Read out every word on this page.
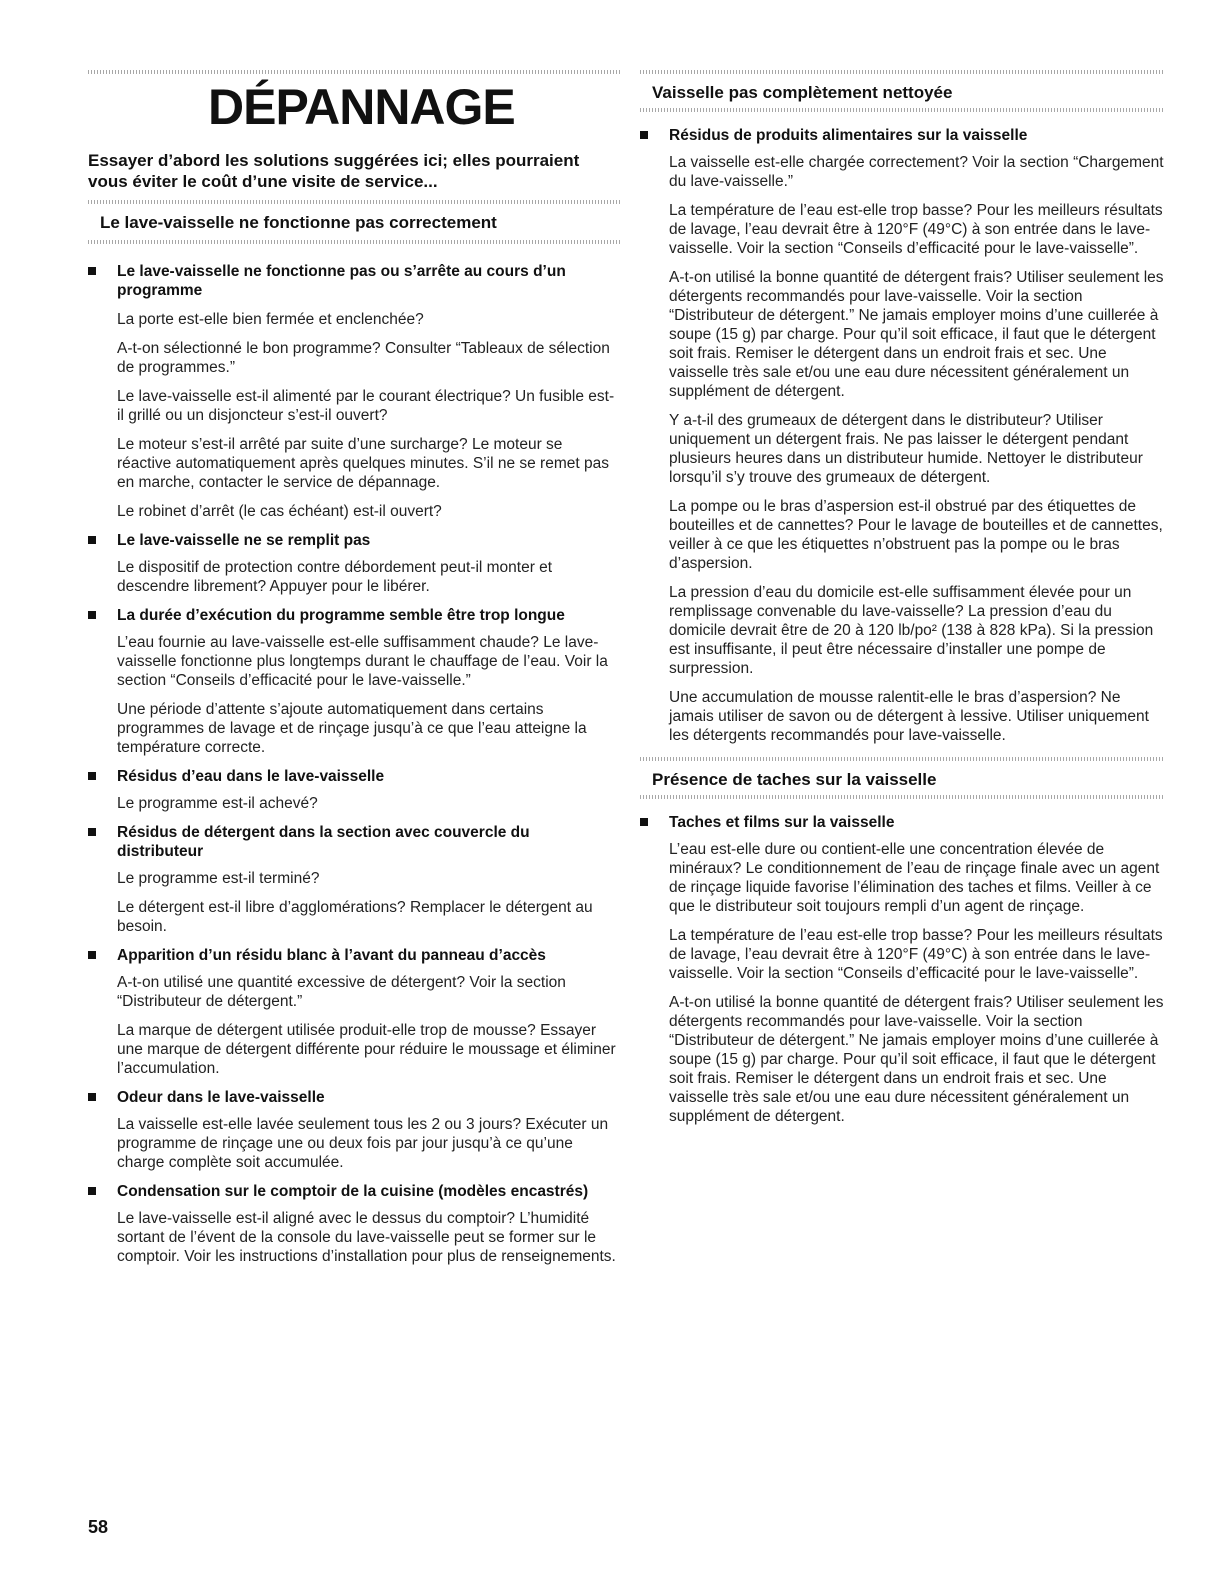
DÉPANNAGE
Essayer d’abord les solutions suggérées ici; elles pourraient vous éviter le coût d’une visite de service...
Le lave-vaisselle ne fonctionne pas correctement
Le lave-vaisselle ne fonctionne pas ou s’arrête au cours d’un programme
La porte est-elle bien fermée et enclenchée?
A-t-on sélectionné le bon programme? Consulter “Tableaux de sélection de programmes.”
Le lave-vaisselle est-il alimenté par le courant électrique? Un fusible est-il grillé ou un disjoncteur s’est-il ouvert?
Le moteur s’est-il arrêté par suite d’une surcharge? Le moteur se réactive automatiquement après quelques minutes. S’il ne se remet pas en marche, contacter le service de dépannage.
Le robinet d’arrêt (le cas échéant) est-il ouvert?
Le lave-vaisselle ne se remplit pas
Le dispositif de protection contre débordement peut-il monter et descendre librement? Appuyer pour le libérer.
La durée d’exécution du programme semble être trop longue
L’eau fournie au lave-vaisselle est-elle suffisamment chaude? Le lave-vaisselle fonctionne plus longtemps durant le chauffage de l’eau. Voir la section “Conseils d’efficacité pour le lave-vaisselle.”
Une période d’attente s’ajoute automatiquement dans certains programmes de lavage et de rinçage jusqu’à ce que l’eau atteigne la température correcte.
Résidus d’eau dans le lave-vaisselle
Le programme est-il achevé?
Résidus de détergent dans la section avec couvercle du distributeur
Le programme est-il terminé?
Le détergent est-il libre d’agglomérations? Remplacer le détergent au besoin.
Apparition d’un résidu blanc à l’avant du panneau d’accès
A-t-on utilisé une quantité excessive de détergent? Voir la section “Distributeur de détergent.”
La marque de détergent utilisée produit-elle trop de mousse? Essayer une marque de détergent différente pour réduire le moussage et éliminer l’accumulation.
Odeur dans le lave-vaisselle
La vaisselle est-elle lavée seulement tous les 2 ou 3 jours? Exécuter un programme de rinçage une ou deux fois par jour jusqu’à ce qu’une charge complète soit accumulée.
Condensation sur le comptoir de la cuisine (modèles encastrés)
Le lave-vaisselle est-il aligné avec le dessus du comptoir? L’humidité sortant de l’évent de la console du lave-vaisselle peut se former sur le comptoir. Voir les instructions d’installation pour plus de renseignements.
Vaisselle pas complètement nettoyée
Résidus de produits alimentaires sur la vaisselle
La vaisselle est-elle chargée correctement? Voir la section “Chargement du lave-vaisselle.”
La température de l’eau est-elle trop basse? Pour les meilleurs résultats de lavage, l’eau devrait être à 120°F (49°C) à son entrée dans le lave-vaisselle. Voir la section “Conseils d’efficacité pour le lave-vaisselle”.
A-t-on utilisé la bonne quantité de détergent frais? Utiliser seulement les détergents recommandés pour lave-vaisselle. Voir la section “Distributeur de détergent.” Ne jamais employer moins d’une cuillerée à soupe (15 g) par charge. Pour qu’il soit efficace, il faut que le détergent soit frais. Remiser le détergent dans un endroit frais et sec. Une vaisselle très sale et/ou une eau dure nécessitent généralement un supplément de détergent.
Y a-t-il des grumeaux de détergent dans le distributeur? Utiliser uniquement un détergent frais. Ne pas laisser le détergent pendant plusieurs heures dans un distributeur humide. Nettoyer le distributeur lorsqu’il s’y trouve des grumeaux de détergent.
La pompe ou le bras d’aspersion est-il obstrué par des étiquettes de bouteilles et de cannettes? Pour le lavage de bouteilles et de cannettes, veiller à ce que les étiquettes n’obstruent pas la pompe ou le bras d’aspersion.
La pression d’eau du domicile est-elle suffisamment élevée pour un remplissage convenable du lave-vaisselle? La pression d’eau du domicile devrait être de 20 à 120 lb/po² (138 à 828 kPa). Si la pression est insuffisante, il peut être nécessaire d’installer une pompe de surpression.
Une accumulation de mousse ralentit-elle le bras d’aspersion? Ne jamais utiliser de savon ou de détergent à lessive. Utiliser uniquement les détergents recommandés pour lave-vaisselle.
Présence de taches sur la vaisselle
Taches et films sur la vaisselle
L’eau est-elle dure ou contient-elle une concentration élevée de minéraux? Le conditionnement de l’eau de rinçage finale avec un agent de rinçage liquide favorise l’élimination des taches et films. Veiller à ce que le distributeur soit toujours rempli d’un agent de rinçage.
La température de l’eau est-elle trop basse? Pour les meilleurs résultats de lavage, l’eau devrait être à 120°F (49°C) à son entrée dans le lave-vaisselle. Voir la section “Conseils d’efficacité pour le lave-vaisselle”.
A-t-on utilisé la bonne quantité de détergent frais? Utiliser seulement les détergents recommandés pour lave-vaisselle. Voir la section “Distributeur de détergent.” Ne jamais employer moins d’une cuillerée à soupe (15 g) par charge. Pour qu’il soit efficace, il faut que le détergent soit frais. Remiser le détergent dans un endroit frais et sec. Une vaisselle très sale et/ou une eau dure nécessitent généralement un supplément de détergent.
58
